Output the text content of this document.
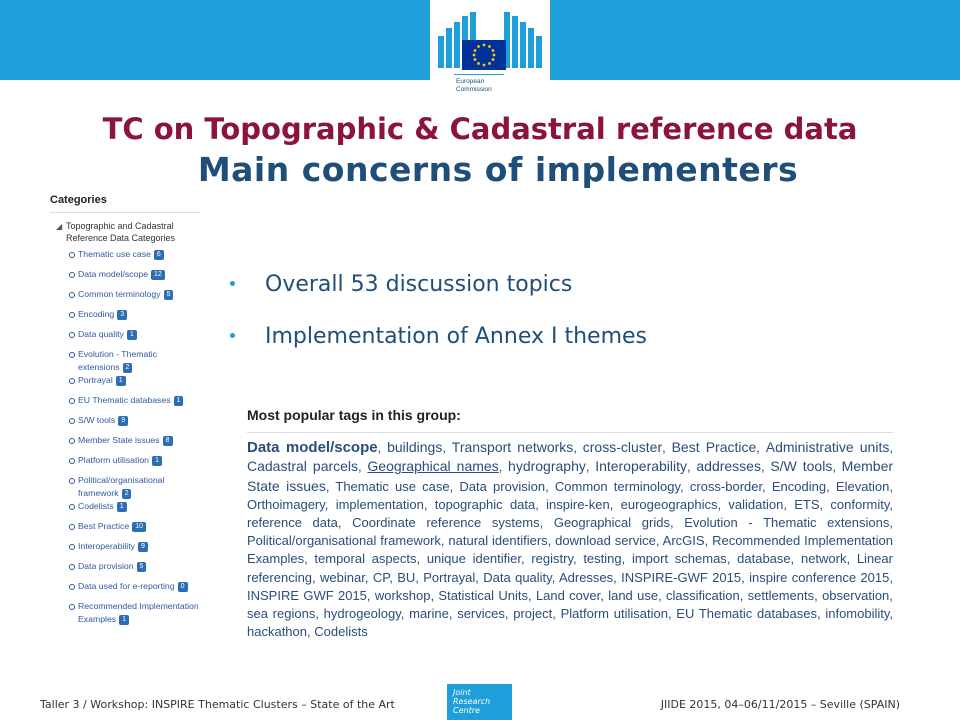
European
Commission
TC on Topographic & Cadastral reference data
Main concerns of implementers
Categories
◢ Topographic and Cadastral Reference Data Categories
Thematic use case 6
Data model/scope 12
Common terminology 5
Encoding 3
Data quality 1
Evolution - Thematic extensions 2
Portrayal 1
EU Thematic databases 1
S/W tools 9
Member State issues 8
Platform utilisation 1
Political/organisational framework 2
Codelists 1
Best Practice 10
Interoperability 9
Data provision 5
Data used for e-reporting 0
Recommended Implementation Examples 1
Overall 53 discussion topics
Implementation of Annex I themes
Most popular tags in this group:
Data model/scope, buildings, Transport networks, cross-cluster, Best Practice, Administrative units, Cadastral parcels, Geographical names, hydrography, Interoperability, addresses, S/W tools, Member State issues, Thematic use case, Data provision, Common terminology, cross-border, Encoding, Elevation, Orthoimagery, implementation, topographic data, inspire-ken, eurogeographics, validation, ETS, conformity, reference data, Coordinate reference systems, Geographical grids, Evolution - Thematic extensions, Political/organisational framework, natural identifiers, download service, ArcGIS, Recommended Implementation Examples, temporal aspects, unique identifier, registry, testing, import schemas, database, network, Linear referencing, webinar, CP, BU, Portrayal, Data quality, Adresses, INSPIRE-GWF 2015, inspire conference 2015, INSPIRE GWF 2015, workshop, Statistical Units, Land cover, land use, classification, settlements, observation, sea regions, hydrogeology, marine, services, project, Platform utilisation, EU Thematic databases, infomobility, hackathon, Codelists
Taller 3 / Workshop: INSPIRE Thematic Clusters – State of the Art
Joint
Research
Centre	JIIDE 2015, 04–06/11/2015 – Seville (SPAIN)
